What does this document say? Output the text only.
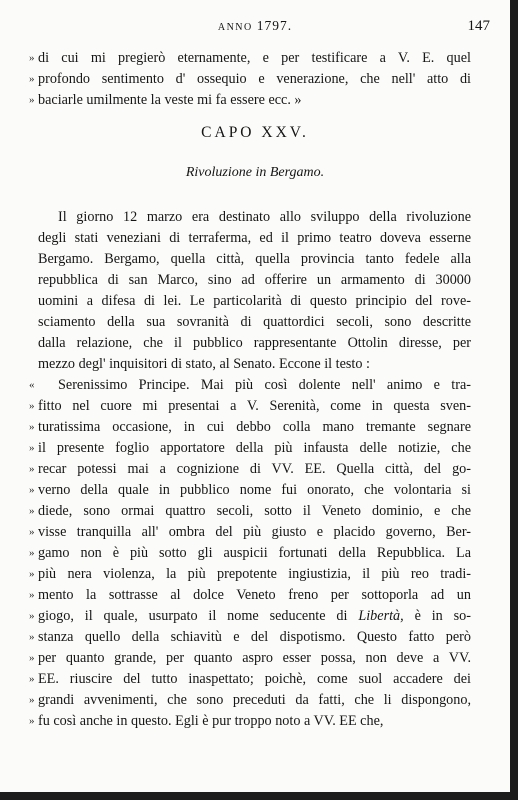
ANNO 1797.	147
» di cui mi pregierò eternamente, e per testificare a V. E. quel
» profondo sentimento d' ossequio e venerazione, che nell' atto di
» baciarle umilmente la veste mi fa essere ecc. »
CAPO XXV.
Rivoluzione in Bergamo.
Il giorno 12 marzo era destinato allo sviluppo della rivoluzione
degli stati veneziani di terraferma, ed il primo teatro doveva esserne
Bergamo. Bergamo, quella città, quella provincia tanto fedele alla
repubblica di san Marco, sino ad offerire un armamento di 30000
uomini a difesa di lei. Le particolarità di questo principio del rove-
sciamento della sua sovranità di quattordici secoli, sono descritte
dalla relazione, che il pubblico rappresentante Ottolin diresse, per
mezzo degl' inquisitori di stato, al Senato. Eccone il testo :
« Serenissimo Principe. Mai più così dolente nell' animo e tra-
» fitto nel cuore mi presentai a V. Serenità, come in questa sven-
» turatissima occasione, in cui debbo colla mano tremante segnare
» il presente foglio apportatore della più infausta delle notizie, che
» recar potessi mai a cognizione di VV. EE. Quella città, del go-
» verno della quale in pubblico nome fui onorato, che volontaria si
» diede, sono ormai quattro secoli, sotto il Veneto dominio, e che
» visse tranquilla all' ombra del più giusto e placido governo, Ber-
» gamo non è più sotto gli auspicii fortunati della Repubblica. La
» più nera violenza, la più prepotente ingiustizia, il più reo tradi-
» mento la sottrasse al dolce Veneto freno per sottoporla ad un
» giogo, il quale, usurpato il nome seducente di Libertà, è in so-
» stanza quello della schiavitù e del dispotismo. Questo fatto però
» per quanto grande, per quanto aspro esser possa, non deve a VV.
» EE. riuscire del tutto inaspettato; poichè, come suol accadere dei
» grandi avvenimenti, che sono preceduti da fatti, che li dispongono,
» fu così anche in questo. Egli è pur troppo noto a VV. EE che,
